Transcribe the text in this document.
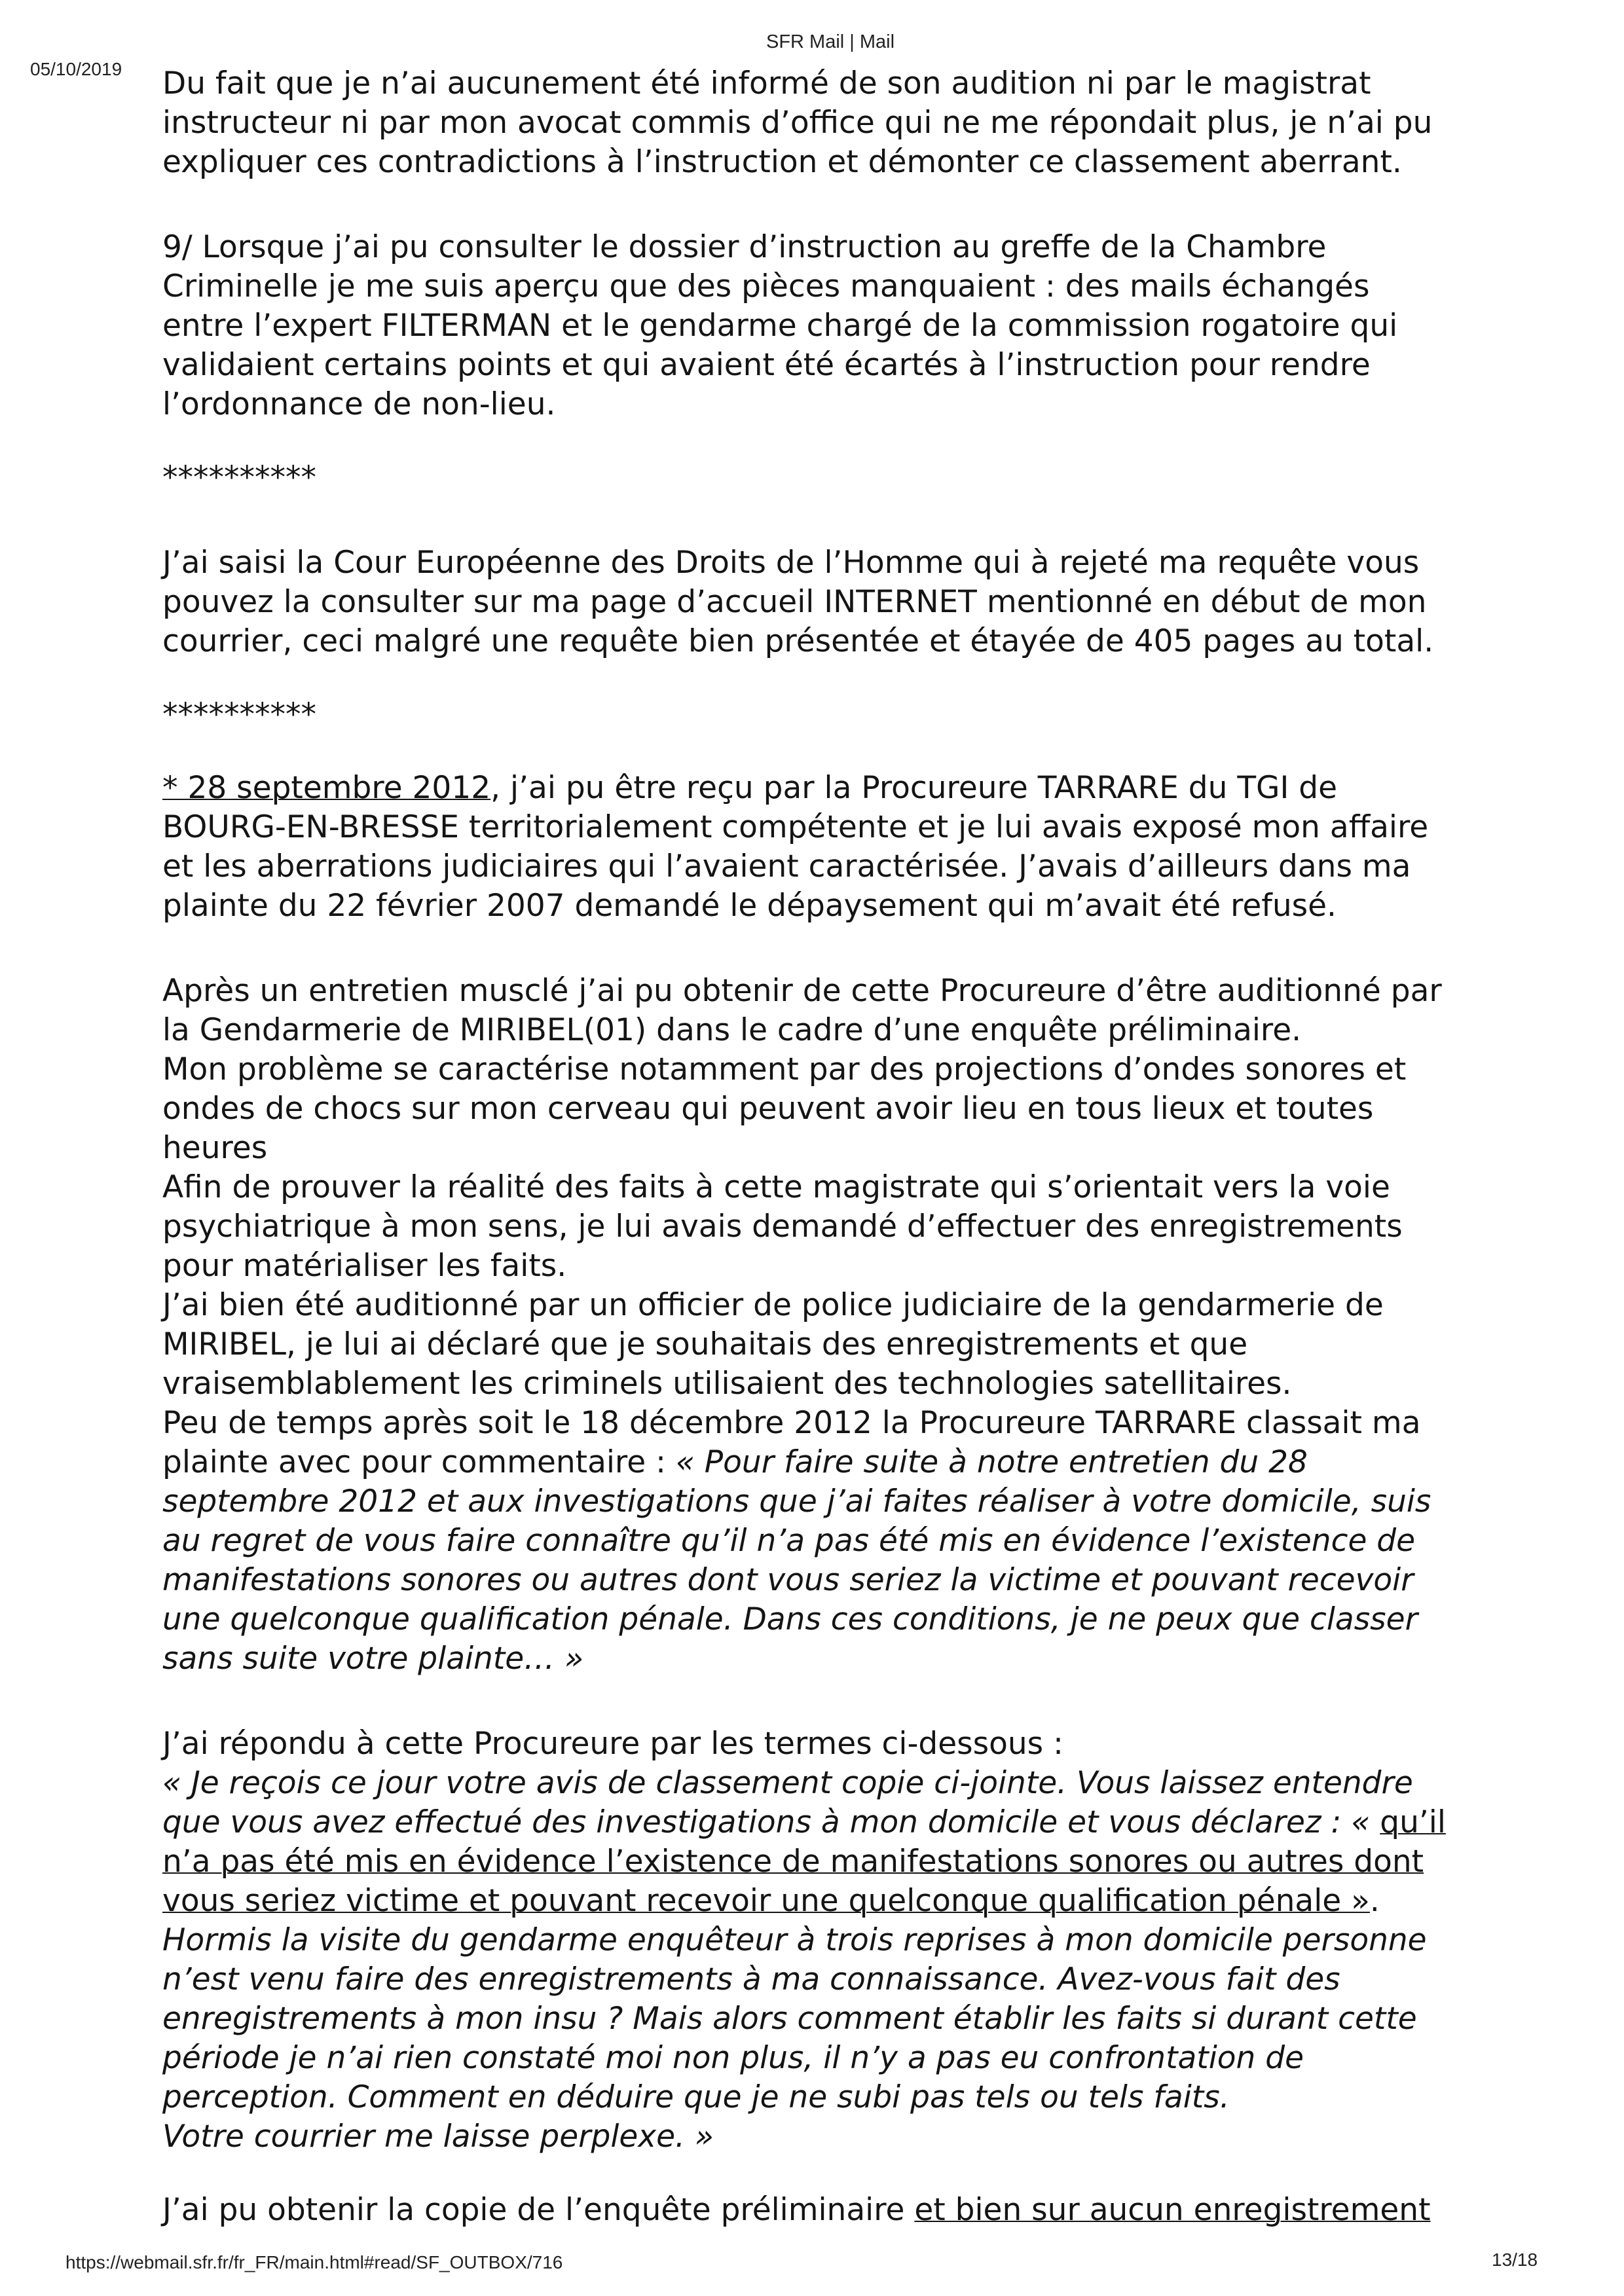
SFR Mail | Mail
05/10/2019 Du fait que je n’ai aucunement été informé de son audition ni par le magistrat
instructeur ni par mon avocat commis d’office qui ne me répondait plus, je n’ai pu
expliquer ces contradictions à l’instruction et démonter ce classement aberrant.
9/ Lorsque j’ai pu consulter le dossier d’instruction au greffe de la Chambre
Criminelle je me suis aperçu que des pièces manquaient : des mails échangés
entre l’expert FILTERMAN et le gendarme chargé de la commission rogatoire qui
validaient certains points et qui avaient été écartés à l’instruction pour rendre
l’ordonnance de non-lieu.
**********
J’ai saisi la Cour Européenne des Droits de l’Homme qui à rejeté ma requête vous
pouvez la consulter sur ma page d’accueil INTERNET mentionné en début de mon
courrier, ceci malgré une requête bien présentée et étayée de 405 pages au total.
**********
* 28 septembre 2012, j’ai pu être reçu par la Procureure TARRARE du TGI de
BOURG-EN-BRESSE territorialement compétente et je lui avais exposé mon affaire
et les aberrations judiciaires qui l’avaient caractérisée. J’avais d’ailleurs dans ma
plainte du 22 février 2007 demandé le dépaysement qui m’avait été refusé.
Après un entretien musclé j’ai pu obtenir de cette Procureure d’être auditionné par
la Gendarmerie de MIRIBEL(01) dans le cadre d’une enquête préliminaire.
Mon problème se caractérise notamment par des projections d’ondes sonores et
ondes de chocs sur mon cerveau qui peuvent avoir lieu en tous lieux et toutes
heures
Afin de prouver la réalité des faits à cette magistrate qui s’orientait vers la voie
psychiatrique à mon sens, je lui avais demandé d’effectuer des enregistrements
pour matérialiser les faits.
J’ai bien été auditionné par un officier de police judiciaire de la gendarmerie de
MIRIBEL, je lui ai déclaré que je souhaitais des enregistrements et que
vraisemblablement les criminels utilisaient des technologies satellitaires.
Peu de temps après soit le 18 décembre 2012 la Procureure TARRARE classait ma
plainte avec pour commentaire : « Pour faire suite à notre entretien du 28
septembre 2012 et aux investigations que j’ai faites réaliser à votre domicile, suis
au regret de vous faire connaître qu’il n’a pas été mis en évidence l’existence de
manifestations sonores ou autres dont vous seriez la victime et pouvant recevoir
une quelconque qualification pénale. Dans ces conditions, je ne peux que classer
sans suite votre plainte… »
J’ai répondu à cette Procureure par les termes ci-dessous :
« Je reçois ce jour votre avis de classement copie ci-jointe. Vous laissez entendre
que vous avez effectué des investigations à mon domicile et vous déclarez : « qu’il
n’a pas été mis en évidence l’existence de manifestations sonores ou autres dont
vous seriez victime et pouvant recevoir une quelconque qualification pénale ».
Hormis la visite du gendarme enquêteur à trois reprises à mon domicile personne
n’est venu faire des enregistrements à ma connaissance. Avez-vous fait des
enregistrements à mon insu ? Mais alors comment établir les faits si durant cette
période je n’ai rien constaté moi non plus, il n’y a pas eu confrontation de
perception. Comment en déduire que je ne subi pas tels ou tels faits.
Votre courrier me laisse perplexe. »
J’ai pu obtenir la copie de l’enquête préliminaire et bien sur aucun enregistrement
https://webmail.sfr.fr/fr_FR/main.html#read/SF_OUTBOX/716	13/18
